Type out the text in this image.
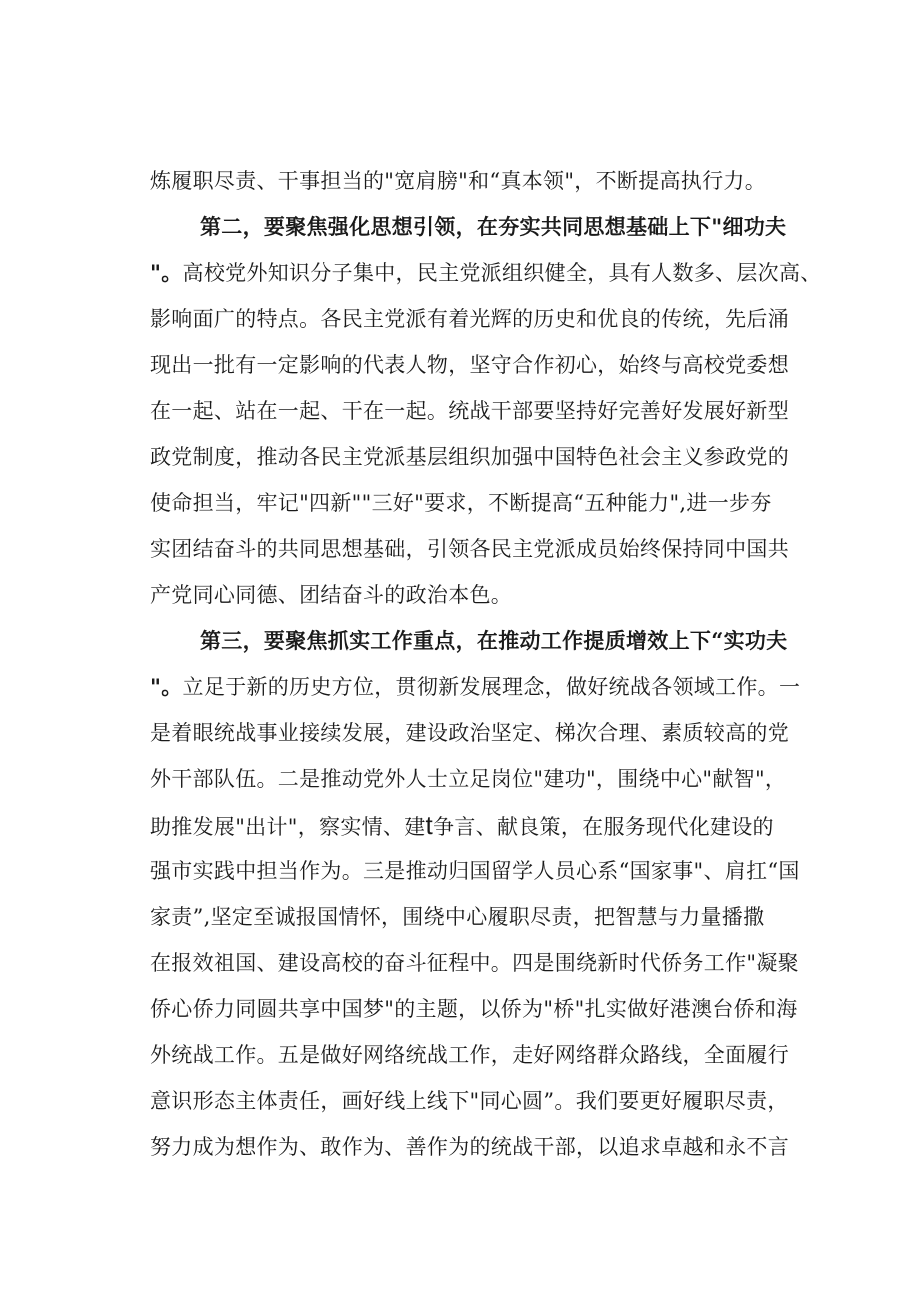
炼履职尽责、干事担当的"宽肩膀"和“真本领"，不断提高执行力。
第二，要聚焦强化思想引领，在夯实共同思想基础上下"细功夫
"。高校党外知识分子集中，民主党派组织健全，具有人数多、层次高、
影响面广的特点。各民主党派有着光辉的历史和优良的传统，先后涌
现出一批有一定影响的代表人物，坚守合作初心，始终与高校党委想
在一起、站在一起、干在一起。统战干部要坚持好完善好发展好新型
政党制度，推动各民主党派基层组织加强中国特色社会主义参政党的
使命担当，牢记"四新""三好"要求，不断提高“五种能力",进一步夯
实团结奋斗的共同思想基础，引领各民主党派成员始终保持同中国共
产党同心同德、团结奋斗的政治本色。
第三，要聚焦抓实工作重点，在推动工作提质增效上下“实功夫
"。立足于新的历史方位，贯彻新发展理念，做好统战各领域工作。一
是着眼统战事业接续发展，建设政治坚定、梯次合理、素质较高的党
外干部队伍。二是推动党外人士立足岗位"建功"，围绕中心"献智"，
助推发展"出计"，察实情、建t争言、献良策，在服务现代化建设的
强市实践中担当作为。三是推动归国留学人员心系“国家事"、肩扛“国
家责”,坚定至诚报国情怀，围绕中心履职尽责，把智慧与力量播撒
在报效祖国、建设高校的奋斗征程中。四是围绕新时代侨务工作"凝聚
侨心侨力同圆共享中国梦"的主题，以侨为"桥"扎实做好港澳台侨和海
外统战工作。五是做好网络统战工作，走好网络群众路线，全面履行
意识形态主体责任，画好线上线下"同心圆”。我们要更好履职尽责，
努力成为想作为、敢作为、善作为的统战干部，以追求卓越和永不言
